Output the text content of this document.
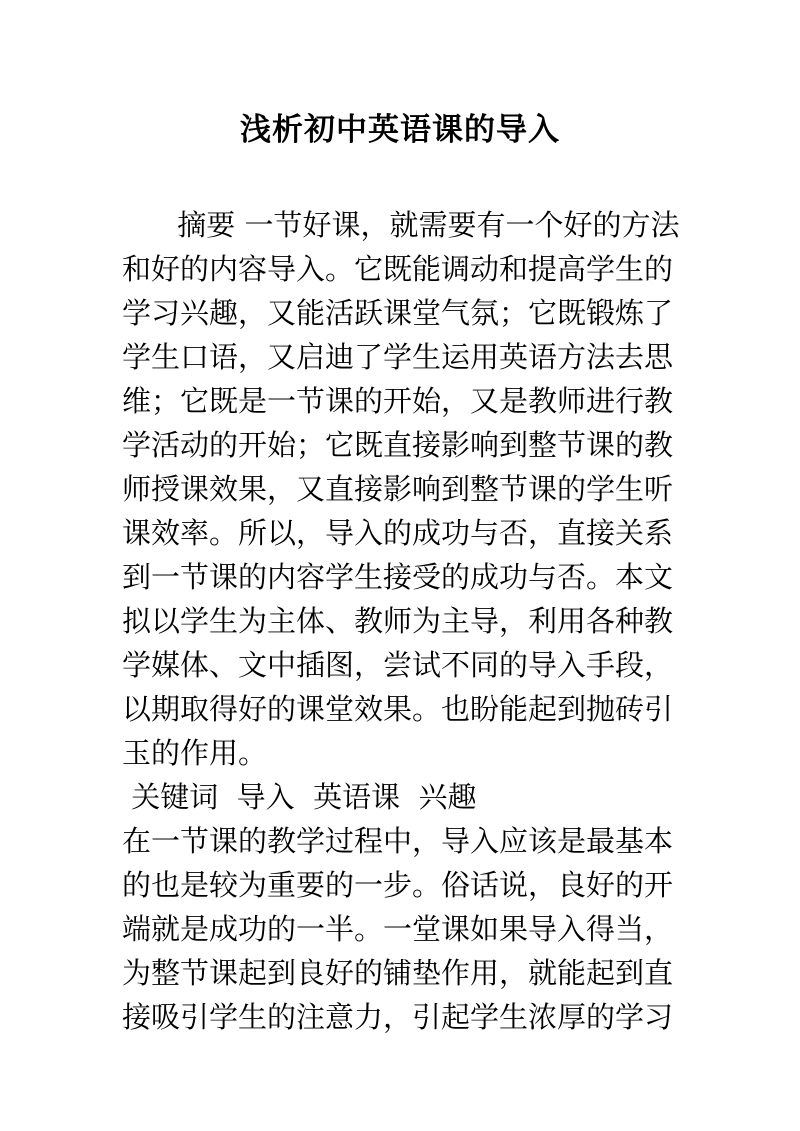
浅析初中英语课的导入

摘要 一节好课，就需要有一个好的方法

和好的内容导入。它既能调动和提高学生的

学习兴趣，又能活跃课堂气氛；它既锻炼了

学生口语，又启迪了学生运用英语方法去思

维；它既是一节课的开始，又是教师进行教

学活动的开始；它既直接影响到整节课的教

师授课效果，又直接影响到整节课的学生听

课效率。所以，导入的成功与否，直接关系

到一节课的内容学生接受的成功与否。本文

拟以学生为主体、教师为主导，利用各种教

学媒体、文中插图，尝试不同的导入手段，

以期取得好的课堂效果。也盼能起到抛砖引

玉的作用。

关键词  导入  英语课  兴趣

在一节课的教学过程中，导入应该是最基本

的也是较为重要的一步。俗话说，良好的开

端就是成功的一半。一堂课如果导入得当，

为整节课起到良好的铺垫作用，就能起到直

接吸引学生的注意力，引起学生浓厚的学习
